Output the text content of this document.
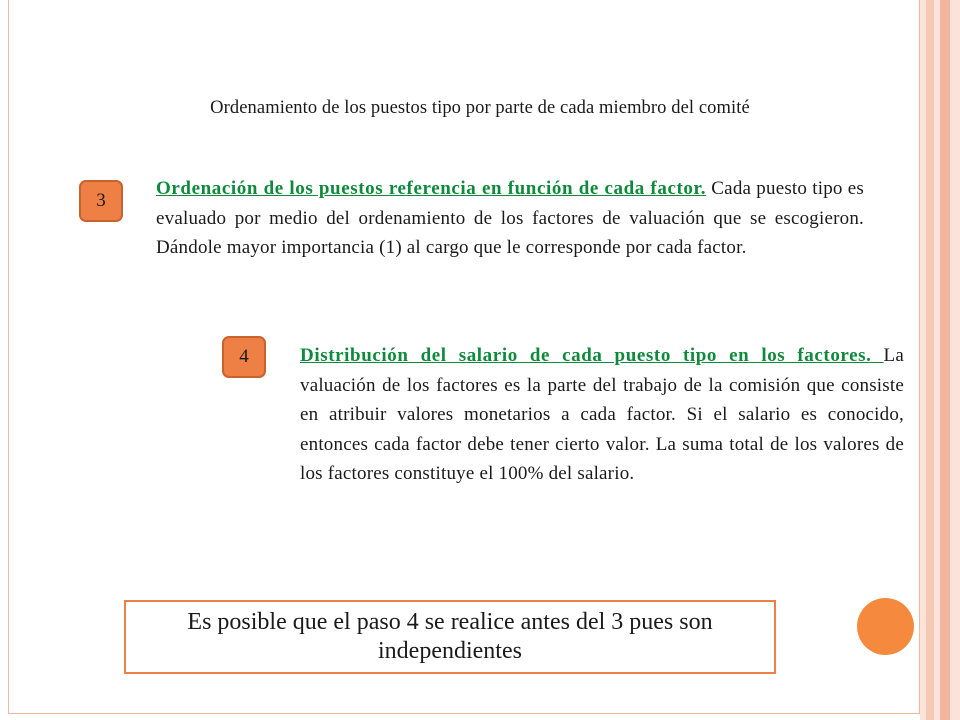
Ordenamiento de los puestos tipo por parte de cada miembro del comité
3

Ordenación de los puestos referencia en función de cada factor. Cada puesto tipo es evaluado por medio del ordenamiento de los factores de valuación que se escogieron. Dándole mayor importancia (1) al cargo que le corresponde por cada factor.

4	Distribución del salario de cada puesto tipo en los factores. La valuación de los factores es la parte del trabajo de la comisión que consiste en atribuir valores monetarios a cada factor. Si el salario es conocido, entonces cada factor debe tener cierto valor. La suma total de los valores de los factores constituye el 100% del salario.

Es posible que el paso 4 se realice antes del 3 pues son independientes
